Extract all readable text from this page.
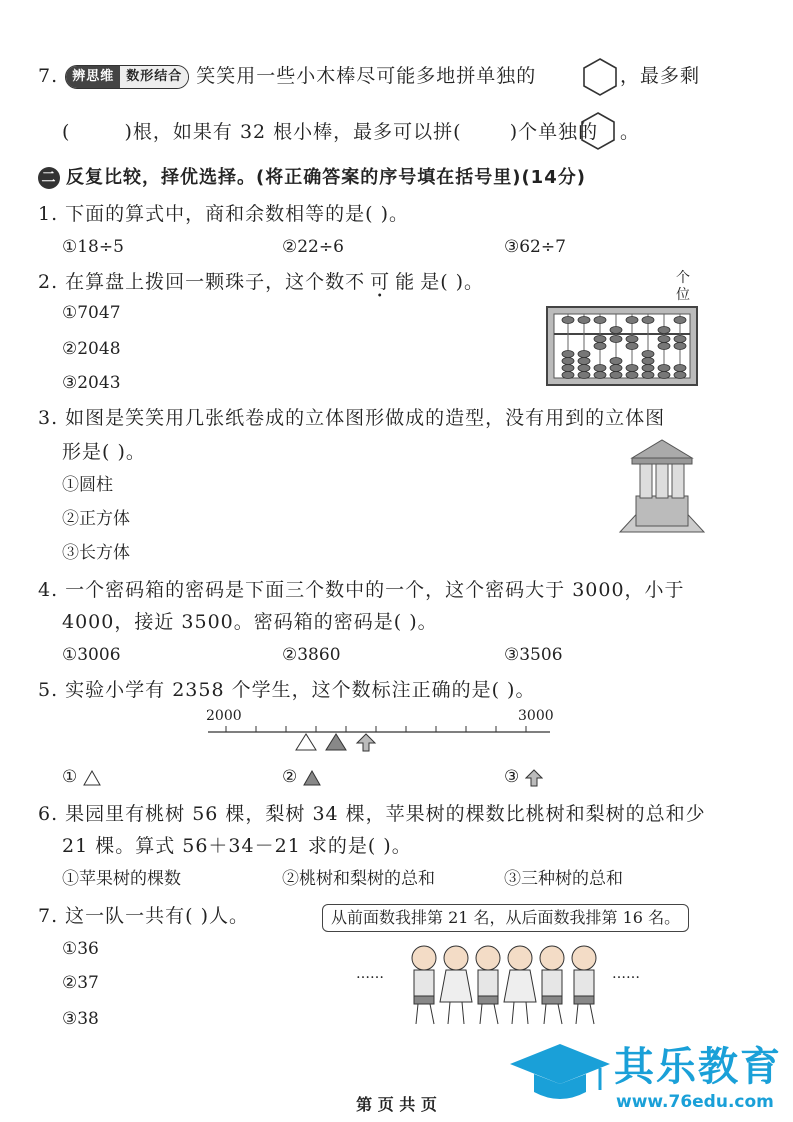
7.	辨思维 数形结合 笑笑用一些小木棒尽可能多地拼单独的	，最多剩
(	)根，如果有 32 根小棒，最多可以拼(	)个单独的 。
二 反复比较，择优选择。(将正确答案的序号填在括号里)(14分)
1. 下面的算式中，商和余数相等的是( )。
①18÷5	②22÷6	③62÷7
2. 在算盘上拨回一颗珠子，这个数不可能是( )。
①7047
②2048
③2043
个位
3. 如图是笑笑用几张纸卷成的立体图形做成的造型，没有用到的立体图
形是( )。
①圆柱
②正方体
③长方体
4. 一个密码箱的密码是下面三个数中的一个，这个密码大于 3000，小于
4000，接近 3500。密码箱的密码是( )。
①3006	②3860	③3506
5. 实验小学有 2358 个学生，这个数标注正确的是( )。
2000	3000
①	②	③
6. 果园里有桃树 56 棵，梨树 34 棵，苹果树的棵数比桃树和梨树的总和少
21 棵。算式 56＋34－21 求的是( )。
①苹果树的棵数	②桃树和梨树的总和	③三种树的总和
7. 这一队一共有( )人。	从前面数我排第 21 名，从后面数我排第 16 名。
①36
②37
③38
……	……
其乐教育
www.76edu.com
第 页 共 页
